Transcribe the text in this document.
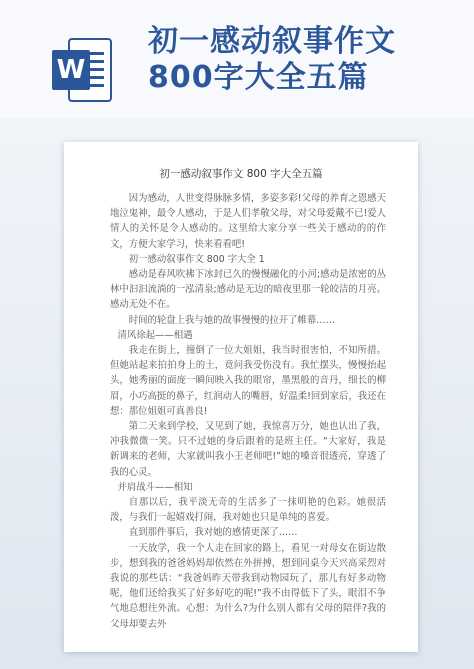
W
初一感动叙事作文
800字大全五篇
初一感动叙事作文 800 字大全五篇

因为感动，人世变得脉脉多情，多姿多彩!父母的养育之恩感天地泣鬼神，最令人感动，于是人们孝敬父母，对父母爱戴不已!爱人情人的关怀是令人感动的。这里给大家分享一些关于感动的的作文，方便大家学习，快来看看吧!

初一感动叙事作文 800 字大全 1

感动是春风吹拂下冰封已久的慢慢融化的小河;感动是浓密的丛林中汩汩流淌的一泓清泉;感动是无边的暗夜里那一轮皎洁的月亮。感动无处不在。

时间的轮盘上我与她的故事慢慢的拉开了帷幕……

清风徐起——相遇

我走在街上，撞倒了一位大姐姐，我当时很害怕，不知所措。但她站起来拍拍身上的土，竟问我受伤没有。我忙摆头，慢慢抬起头，她秀丽的面庞一瞬间映入我的眼帘，墨黑般的音丹，细长的柳眉，小巧高挺的鼻子，红润动人的嘴唇，好温柔!回到家后，我还在想：那位姐姐可真善良!

第二天来到学校，又见到了她，我惊喜万分，她也认出了我，冲我微微一笑。只不过她的身后跟着的是班主任。“大家好，我是新调来的老师，大家就叫我小王老师吧!”她的嗓音很透亮，穿透了我的心灵。

并肩战斗——相知

自那以后，我平淡无奇的生活多了一抹明艳的色彩。她很活泼，与我们一起嬉戏打闹，我对她也只是单纯的喜爱。

直到那件事后，我对她的感情更深了……

一天放学，我一个人走在回家的路上，看见一对母女在街边散步，想到我的爸爸妈妈却依然在外拼搏，想到同桌今天兴高采烈对我说的那些话：“我爸妈昨天带我到动物园玩了，那儿有好多动物呢，他们还给我买了好多好吃的呢!”我不由得低下了头，眼泪不争气地总想往外流。心想：为什么?为什么别人都有父母的陪伴?我的父母却要去外
